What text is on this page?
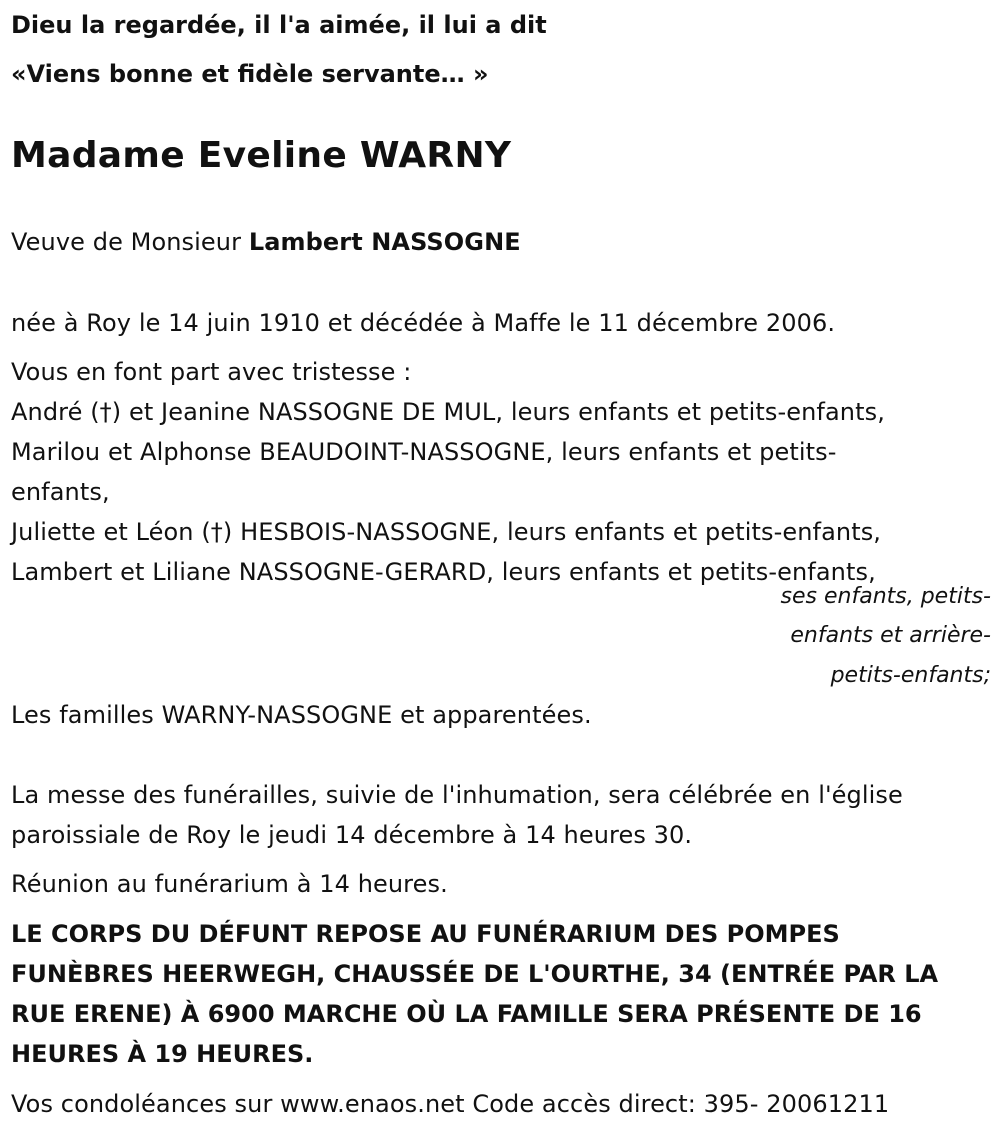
Dieu la regardée, il l'a aimée, il lui a dit
«Viens bonne et fidèle servante… »
Madame Eveline WARNY
Veuve de Monsieur Lambert NASSOGNE
née à Roy le 14 juin 1910 et décédée à Maffe le 11 décembre 2006.
Vous en font part avec tristesse :
André (†) et Jeanine NASSOGNE DE MUL, leurs enfants et petits-enfants,
Marilou et Alphonse BEAUDOINT-NASSOGNE, leurs enfants et petits-
enfants,
Juliette et Léon (†) HESBOIS-NASSOGNE, leurs enfants et petits-enfants,
Lambert et Liliane NASSOGNE-GERARD, leurs enfants et petits-enfants,
ses enfants, petits-
enfants et arrière-
petits-enfants;
Les familles WARNY-NASSOGNE et apparentées.
La messe des funérailles, suivie de l'inhumation, sera célébrée en l'église
paroissiale de Roy le jeudi 14 décembre à 14 heures 30.
Réunion au funérarium à 14 heures.
LE CORPS DU DÉFUNT REPOSE AU FUNÉRARIUM DES POMPES
FUNÈBRES HEERWEGH, CHAUSSÉE DE L'OURTHE, 34 (ENTRÉE PAR LA
RUE ERENE) À 6900 MARCHE OÙ LA FAMILLE SERA PRÉSENTE DE 16
HEURES À 19 HEURES.
Vos condoléances sur www.enaos.net Code accès direct: 395- 20061211
